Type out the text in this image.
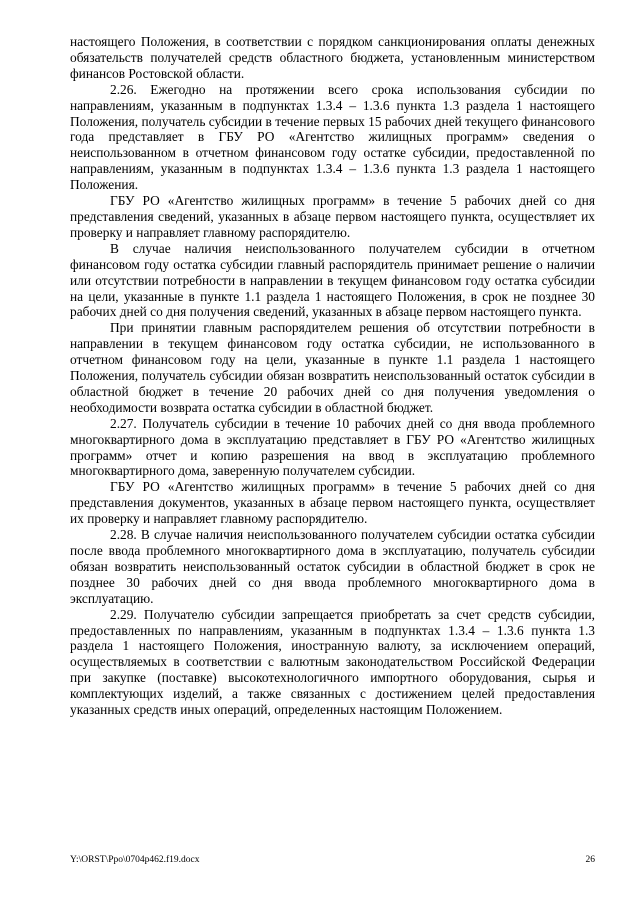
настоящего Положения, в соответствии с порядком санкционирования оплаты денежных обязательств получателей средств областного бюджета, установленным министерством финансов Ростовской области.

2.26. Ежегодно на протяжении всего срока использования субсидии по направлениям, указанным в подпунктах 1.3.4 – 1.3.6 пункта 1.3 раздела 1 настоящего Положения, получатель субсидии в течение первых 15 рабочих дней текущего финансового года представляет в ГБУ РО «Агентство жилищных программ» сведения о неиспользованном в отчетном финансовом году остатке субсидии, предоставленной по направлениям, указанным в подпунктах 1.3.4 – 1.3.6 пункта 1.3 раздела 1 настоящего Положения.

ГБУ РО «Агентство жилищных программ» в течение 5 рабочих дней со дня представления сведений, указанных в абзаце первом настоящего пункта, осуществляет их проверку и направляет главному распорядителю.

В случае наличия неиспользованного получателем субсидии в отчетном финансовом году остатка субсидии главный распорядитель принимает решение о наличии или отсутствии потребности в направлении в текущем финансовом году остатка субсидии на цели, указанные в пункте 1.1 раздела 1 настоящего Положения, в срок не позднее 30 рабочих дней со дня получения сведений, указанных в абзаце первом настоящего пункта.

При принятии главным распорядителем решения об отсутствии потребности в направлении в текущем финансовом году остатка субсидии, не использованного в отчетном финансовом году на цели, указанные в пункте 1.1 раздела 1 настоящего Положения, получатель субсидии обязан возвратить неиспользованный остаток субсидии в областной бюджет в течение 20 рабочих дней со дня получения уведомления о необходимости возврата остатка субсидии в областной бюджет.

2.27. Получатель субсидии в течение 10 рабочих дней со дня ввода проблемного многоквартирного дома в эксплуатацию представляет в ГБУ РО «Агентство жилищных программ» отчет и копию разрешения на ввод в эксплуатацию проблемного многоквартирного дома, заверенную получателем субсидии.

ГБУ РО «Агентство жилищных программ» в течение 5 рабочих дней со дня представления документов, указанных в абзаце первом настоящего пункта, осуществляет их проверку и направляет главному распорядителю.

2.28. В случае наличия неиспользованного получателем субсидии остатка субсидии после ввода проблемного многоквартирного дома в эксплуатацию, получатель субсидии обязан возвратить неиспользованный остаток субсидии в областной бюджет в срок не позднее 30 рабочих дней со дня ввода проблемного многоквартирного дома в эксплуатацию.

2.29. Получателю субсидии запрещается приобретать за счет средств субсидии, предоставленных по направлениям, указанным в подпунктах 1.3.4 – 1.3.6 пункта 1.3 раздела 1 настоящего Положения, иностранную валюту, за исключением операций, осуществляемых в соответствии с валютным законодательством Российской Федерации при закупке (поставке) высокотехнологичного импортного оборудования, сырья и комплектующих изделий, а также связанных с достижением целей предоставления указанных средств иных операций, определенных настоящим Положением.

Y:\ORST\Ppo\0704p462.f19.docx	26
